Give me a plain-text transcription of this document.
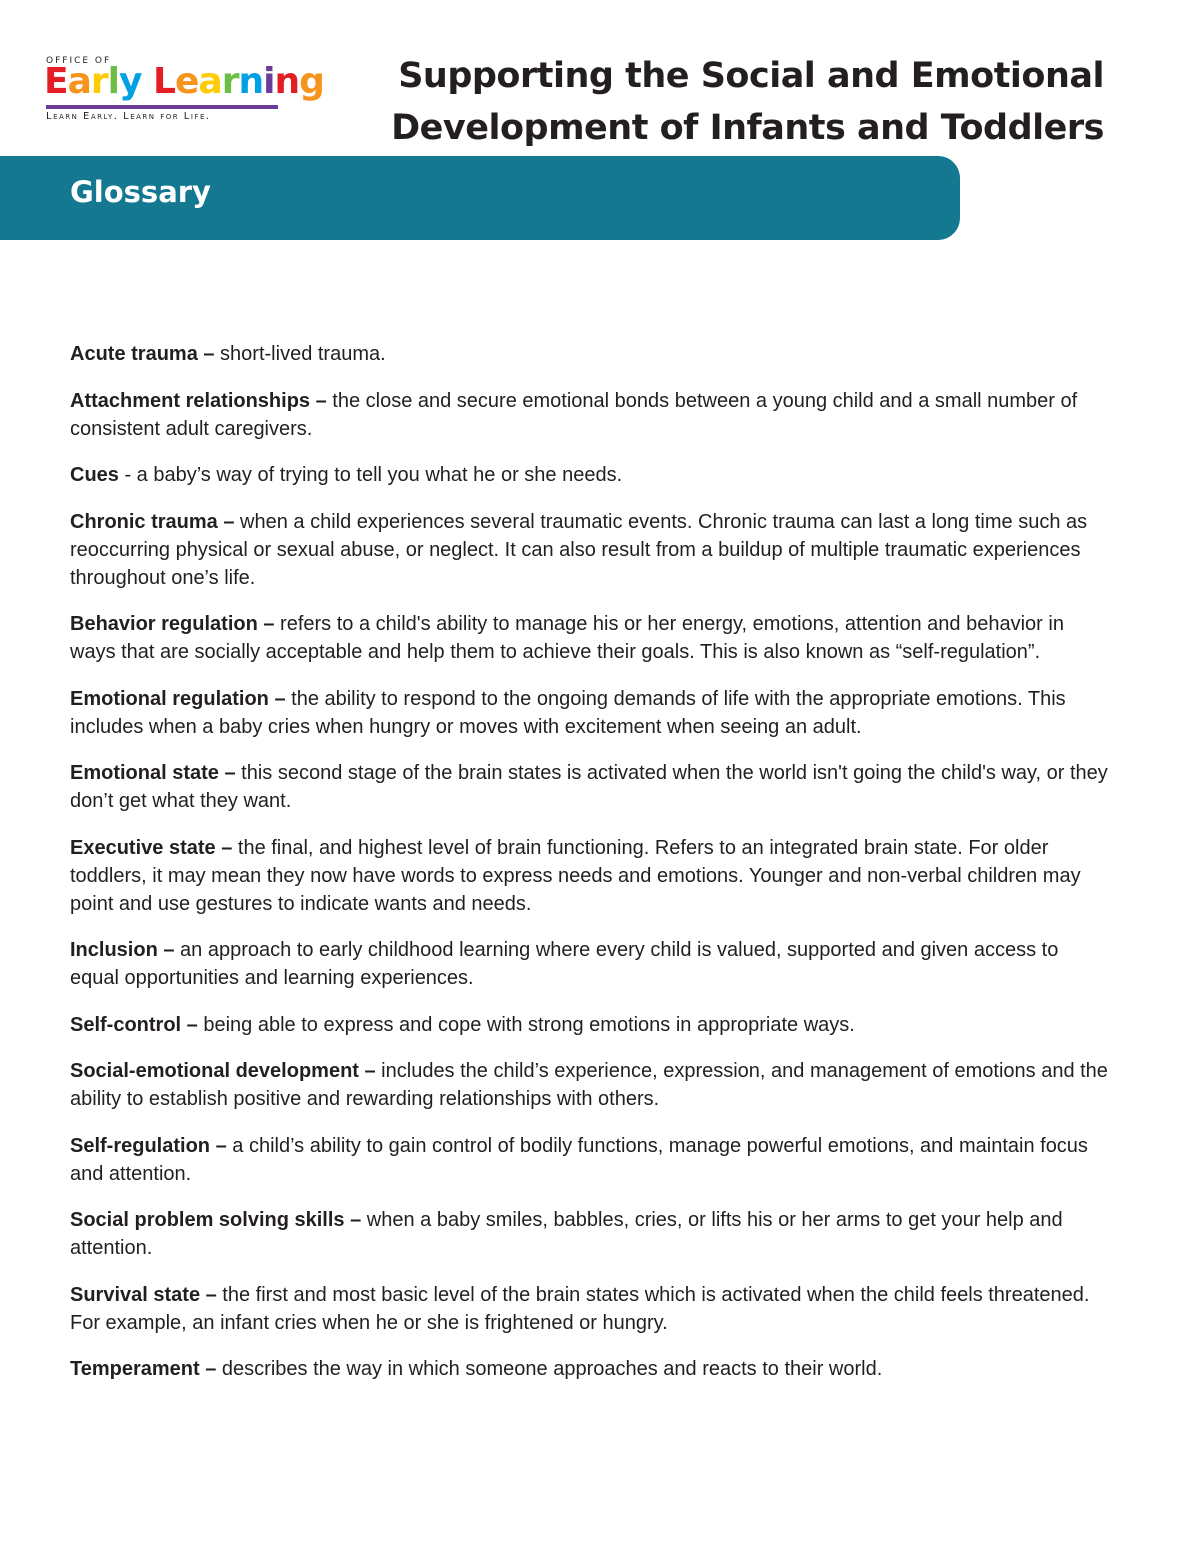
OFFICE OF
Early Learning
Learn Early. Learn for Life.
Supporting the Social and Emotional
Development of Infants and Toddlers
Glossary

Acute trauma – short-lived trauma.

Attachment relationships – the close and secure emotional bonds between a young child and a small number of consistent adult caregivers.

Cues - a baby’s way of trying to tell you what he or she needs.

Chronic trauma – when a child experiences several traumatic events. Chronic trauma can last a long time such as reoccurring physical or sexual abuse, or neglect. It can also result from a buildup of multiple traumatic experiences throughout one’s life.

Behavior regulation – refers to a child's ability to manage his or her energy, emotions, attention and behavior in ways that are socially acceptable and help them to achieve their goals. This is also known as “self-regulation”.

Emotional regulation – the ability to respond to the ongoing demands of life with the appropriate emotions. This includes when a baby cries when hungry or moves with excitement when seeing an adult.

Emotional state – this second stage of the brain states is activated when the world isn't going the child's way, or they don’t get what they want.

Executive state – the final, and highest level of brain functioning. Refers to an integrated brain state. For older toddlers, it may mean they now have words to express needs and emotions. Younger and non-verbal children may point and use gestures to indicate wants and needs.

Inclusion – an approach to early childhood learning where every child is valued, supported and given access to equal opportunities and learning experiences.

Self-control – being able to express and cope with strong emotions in appropriate ways.

Social-emotional development – includes the child’s experience, expression, and management of emotions and the ability to establish positive and rewarding relationships with others.

Self-regulation – a child’s ability to gain control of bodily functions, manage powerful emotions, and maintain focus and attention.

Social problem solving skills – when a baby smiles, babbles, cries, or lifts his or her arms to get your help and attention.

Survival state – the first and most basic level of the brain states which is activated when the child feels threatened. For example, an infant cries when he or she is frightened or hungry.

Temperament – describes the way in which someone approaches and reacts to their world.
